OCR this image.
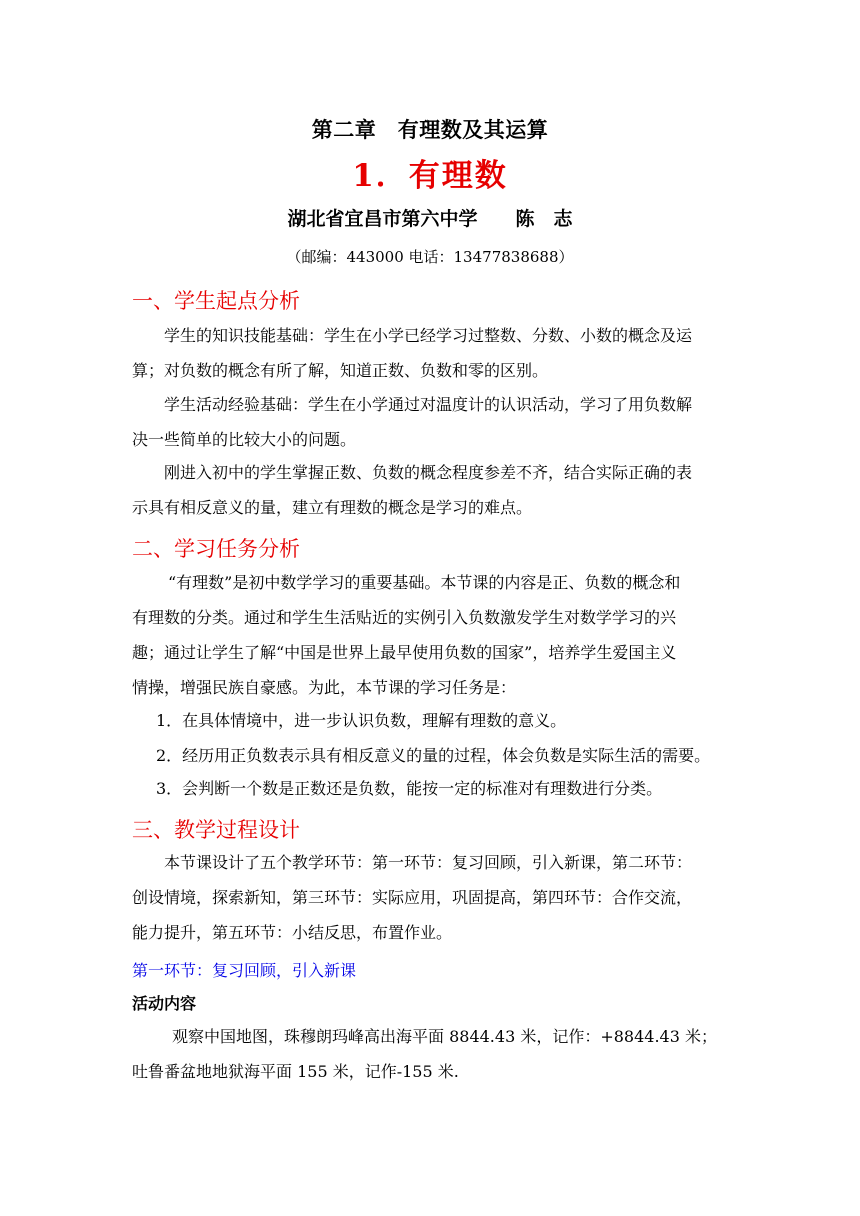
第二章　有理数及其运算
1．有理数
湖北省宜昌市第六中学　　陈　志
（邮编：443000 电话：13477838688）
一、学生起点分析
学生的知识技能基础：学生在小学已经学习过整数、分数、小数的概念及运
算；对负数的概念有所了解，知道正数、负数和零的区别。
学生活动经验基础：学生在小学通过对温度计的认识活动，学习了用负数解
决一些简单的比较大小的问题。
刚进入初中的学生掌握正数、负数的概念程度参差不齐，结合实际正确的表
示具有相反意义的量，建立有理数的概念是学习的难点。
二、学习任务分析
“有理数”是初中数学学习的重要基础。本节课的内容是正、负数的概念和
有理数的分类。通过和学生生活贴近的实例引入负数激发学生对数学学习的兴
趣；通过让学生了解“中国是世界上最早使用负数的国家”，培养学生爱国主义
情操，增强民族自豪感。为此，本节课的学习任务是：
1．在具体情境中，进一步认识负数，理解有理数的意义。
2．经历用正负数表示具有相反意义的量的过程，体会负数是实际生活的需要。
3．会判断一个数是正数还是负数，能按一定的标准对有理数进行分类。
三、教学过程设计
本节课设计了五个教学环节：第一环节：复习回顾，引入新课，第二环节：
创设情境，探索新知，第三环节：实际应用，巩固提高，第四环节：合作交流，
能力提升，第五环节：小结反思，布置作业。
第一环节：复习回顾，引入新课
活动内容
观察中国地图，珠穆朗玛峰高出海平面 8844.43 米，记作：+8844.43 米；
吐鲁番盆地地狱海平面 155 米，记作-155 米.
